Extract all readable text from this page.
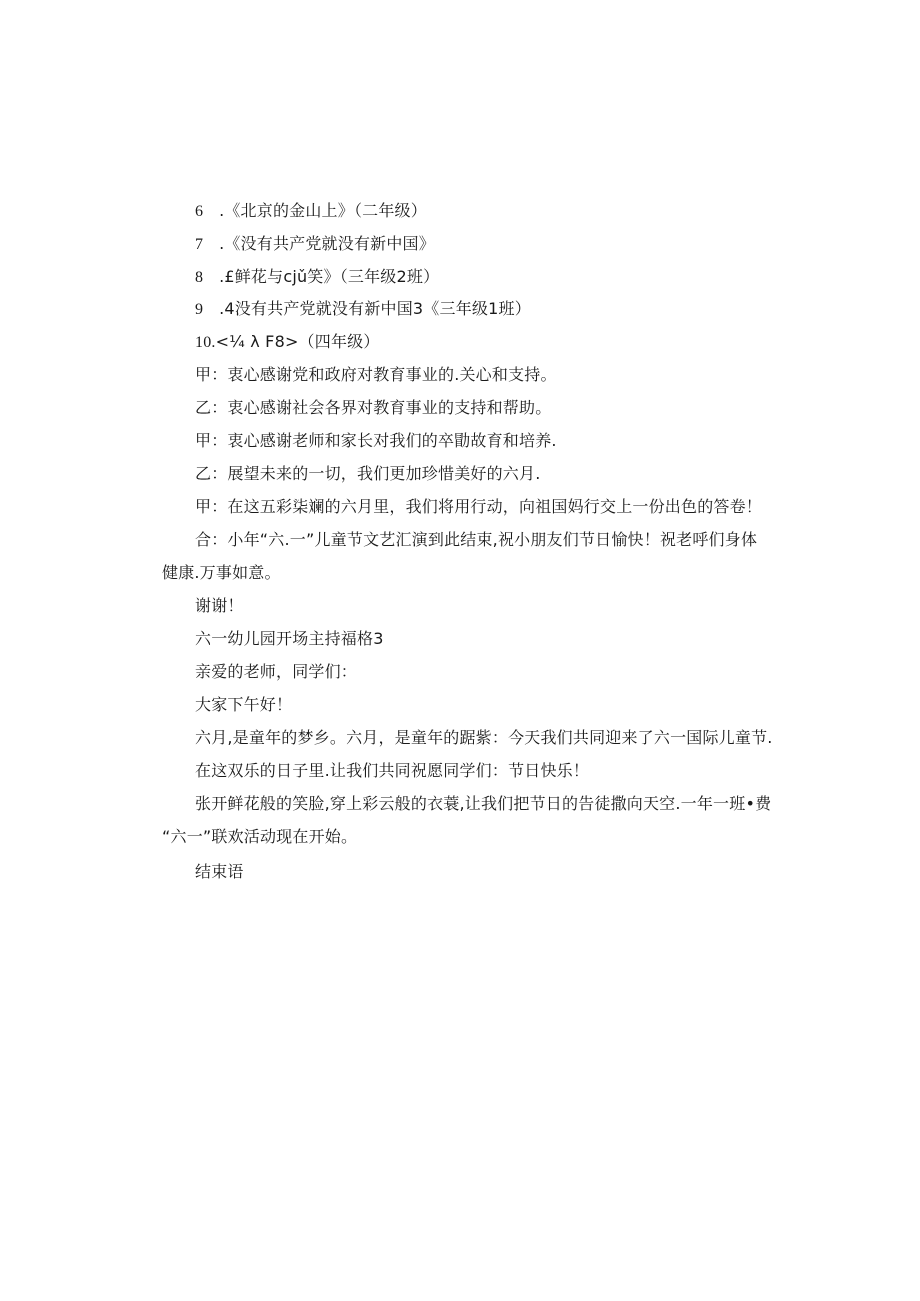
6 .《北京的金山上》（二年级）
7 .《没有共产党就没有新中国》
8 .£鲜花与cjǔ笑》（三年级2班）
9 .4没有共产党就没有新中国3《三年级1班）
10.<¼ λ F8>（四年级）
甲：衷心感谢党和政府对教育事业的.关心和支持。
乙：衷心感谢社会各界对教育事业的支持和帮助。
甲：衷心感谢老师和家长对我们的卒勖故育和培养.
乙：展望未来的一切，我们更加珍惜美好的六月.
甲：在这五彩柒斓的六月里，我们将用行动，向祖国妈行交上一份出色的答卷！
合：小年“六.一”儿童节文艺汇演到此结束,祝小朋友们节日愉快！祝老呼们身体
健康.万事如意。
谢谢！
六一幼儿园开场主持福格3
亲爱的老师，同学们：
大家下午好！
六月,是童年的梦乡。六月，是童年的踞紫：今天我们共同迎来了六一国际儿童节.
在这双乐的日子里.让我们共同祝愿同学们：节日快乐！
张开鲜花般的笑脸,穿上彩云般的衣蓑,让我们把节日的告徒撒向天空.一年一班•费
“六一”联欢活动现在开始。
结束语
